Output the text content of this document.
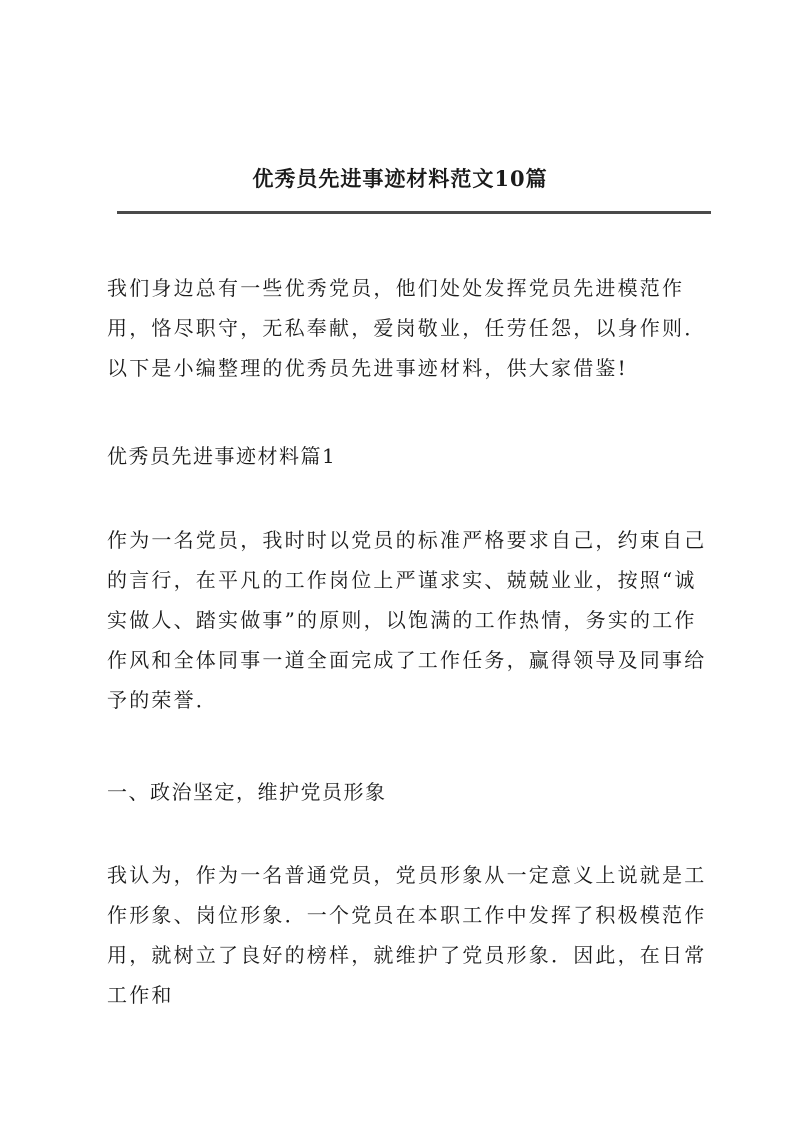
优秀员先进事迹材料范文10篇

我们身边总有一些优秀党员，他们处处发挥党员先进模范作用，恪尽职守，无私奉献，爱岗敬业，任劳任怨，以身作则．以下是小编整理的优秀员先进事迹材料，供大家借鉴!

优秀员先进事迹材料篇1

作为一名党员，我时时以党员的标准严格要求自己，约束自己的言行，在平凡的工作岗位上严谨求实、兢兢业业，按照“诚实做人、踏实做事”的原则，以饱满的工作热情，务实的工作作风和全体同事一道全面完成了工作任务，赢得领导及同事给予的荣誉．

一、政治坚定，维护党员形象

我认为，作为一名普通党员，党员形象从一定意义上说就是工作形象、岗位形象．一个党员在本职工作中发挥了积极模范作用，就树立了良好的榜样，就维护了党员形象．因此，在日常工作和
